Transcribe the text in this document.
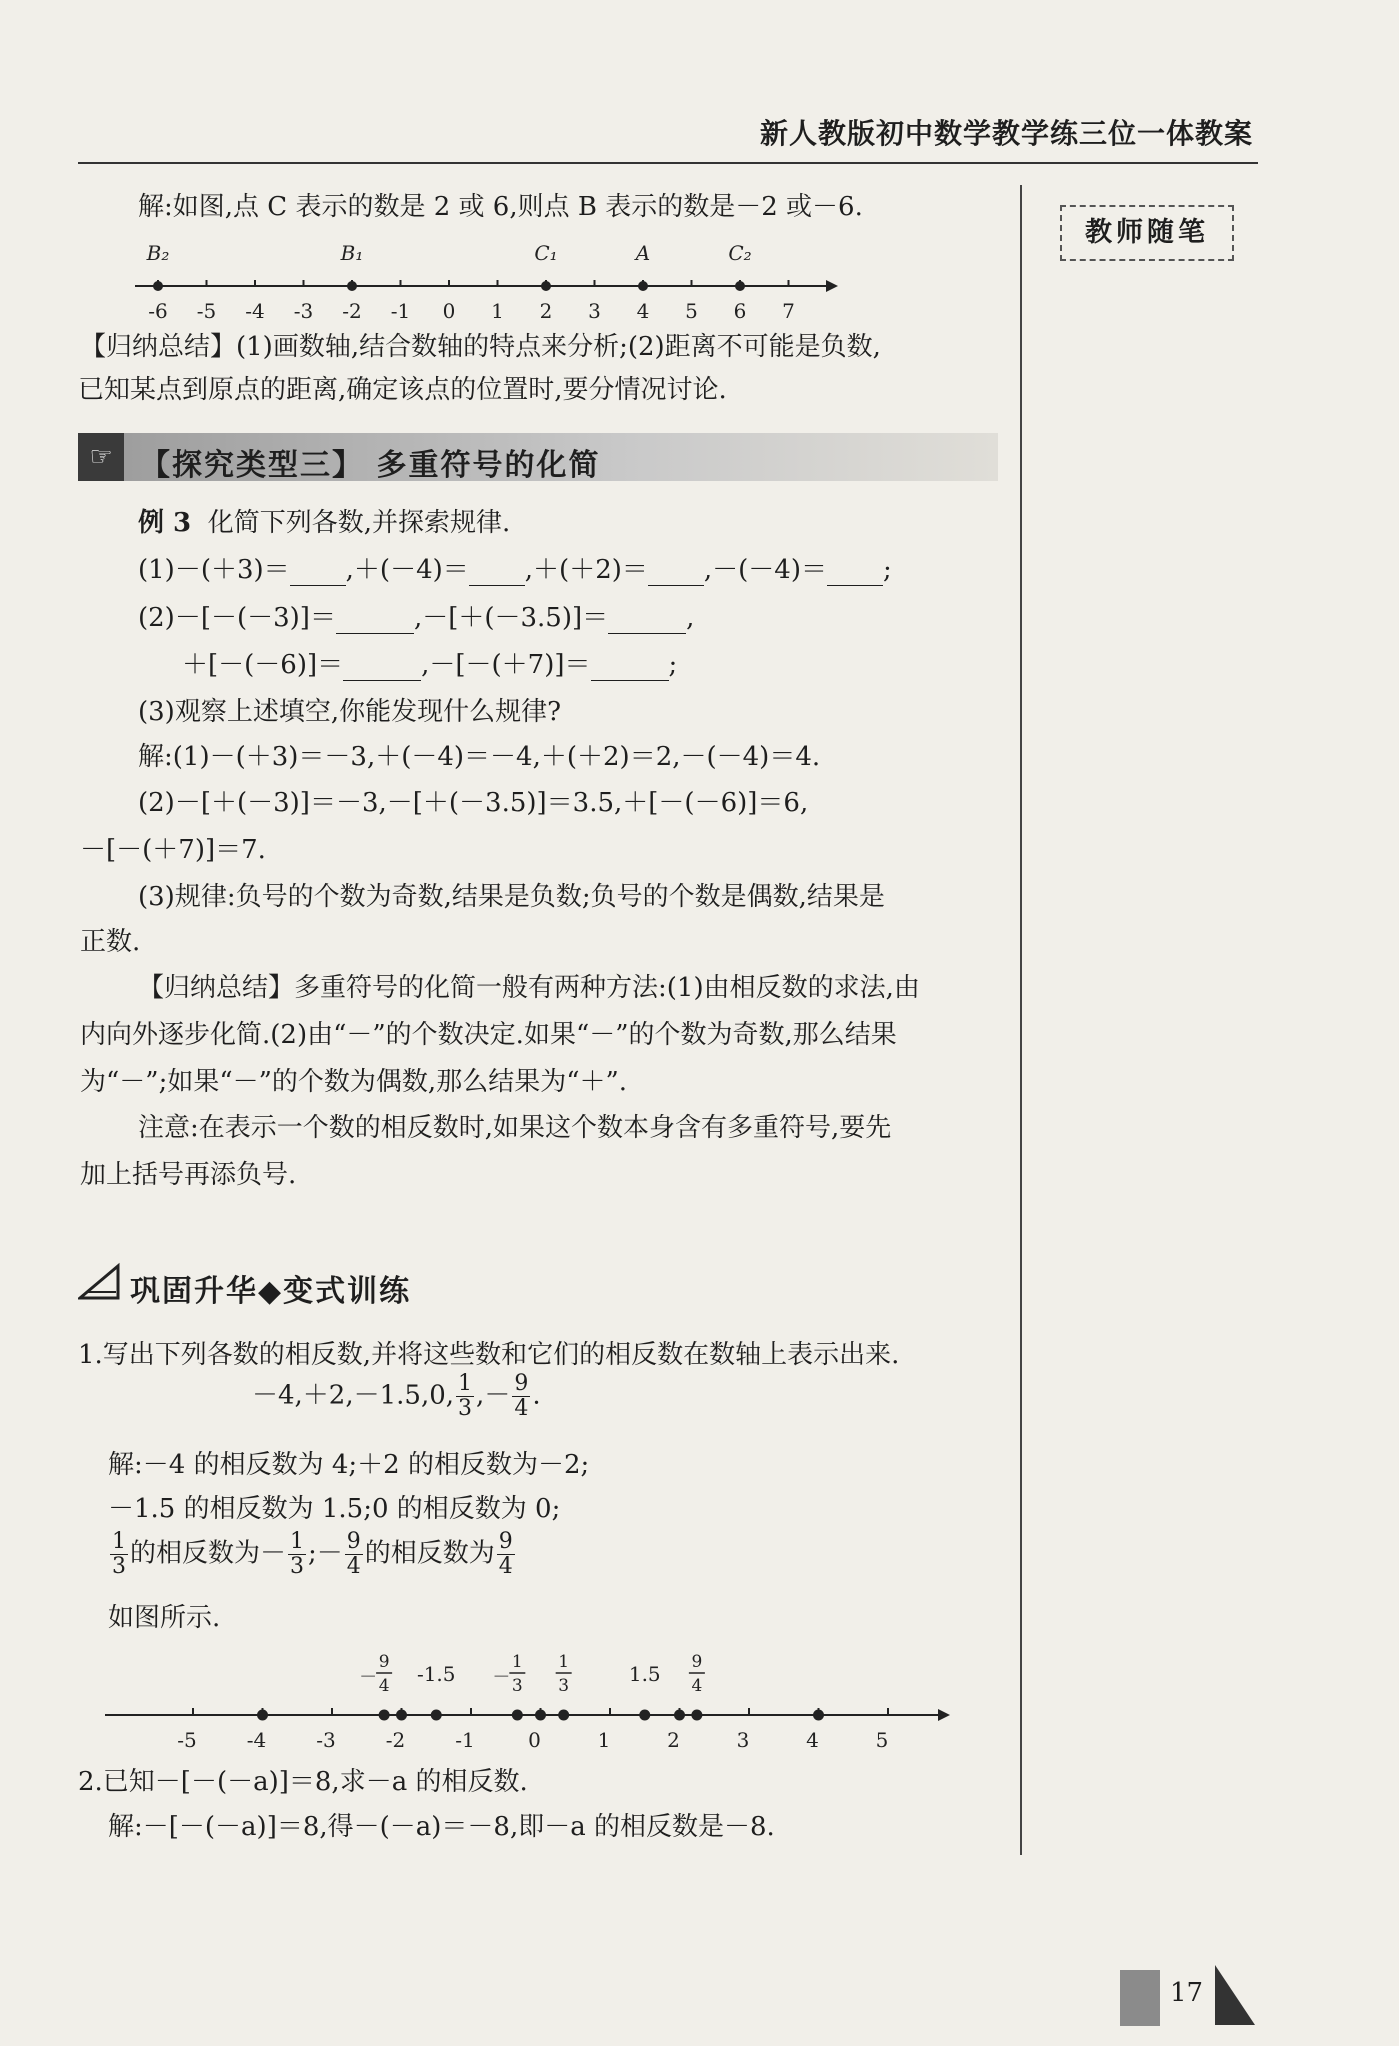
新人教版初中数学教学练三位一体教案
教师随笔
解:如图,点 C 表示的数是 2 或 6,则点 B 表示的数是－2 或－6.
-6 -5 -4 -3 -2 -1 0 1 2 3 4 5 6 7
B₂	B₁	C₁	A	C₂
【归纳总结】(1)画数轴,结合数轴的特点来分析;(2)距离不可能是负数,
已知某点到原点的距离,确定该点的位置时,要分情况讨论.
☞ 【探究类型三】 多重符号的化简
例 3 化简下列各数,并探索规律.
(1)－(＋3)＝ ,＋(－4)＝ ,＋(＋2)＝ ,－(－4)＝ ;
(2)－[－(－3)]＝	,－[＋(－3.5)]＝	,
＋[－(－6)]＝	,－[－(＋7)]＝	;
(3)观察上述填空,你能发现什么规律?
解:(1)－(＋3)＝－3,＋(－4)＝－4,＋(＋2)＝2,－(－4)＝4.
(2)－[＋(－3)]＝－3,－[＋(－3.5)]＝3.5,＋[－(－6)]＝6,
－[－(＋7)]＝7.
(3)规律:负号的个数为奇数,结果是负数;负号的个数是偶数,结果是
正数.
【归纳总结】多重符号的化简一般有两种方法:(1)由相反数的求法,由
内向外逐步化简.(2)由“－”的个数决定.如果“－”的个数为奇数,那么结果
为“－”;如果“－”的个数为偶数,那么结果为“＋”.
注意:在表示一个数的相反数时,如果这个数本身含有多重符号,要先
加上括号再添负号.
巩固升华◆变式训练
1.写出下列各数的相反数,并将这些数和它们的相反数在数轴上表示出来.
－4,＋2,－1.5,0, $\frac{1}{3}$ ,－ $\frac{9}{4}$ .
解:－4 的相反数为 4;＋2 的相反数为－2;
－1.5 的相反数为 1.5;0 的相反数为 0;
$\frac{1}{3}$ 的相反数为－ $\frac{1}{3}$ ;－ $\frac{9}{4}$ 的相反数为 $\frac{9}{4}$
如图所示.
-5	-4	-3	-2	-1	0	1	2	3	4	5
-1.5	1.5
－
9
4	－
1
3
1
3
9
4
2.已知－[－(－a)]＝8,求－a 的相反数.
解:－[－(－a)]＝8,得－(－a)＝－8,即－a 的相反数是－8.
17
